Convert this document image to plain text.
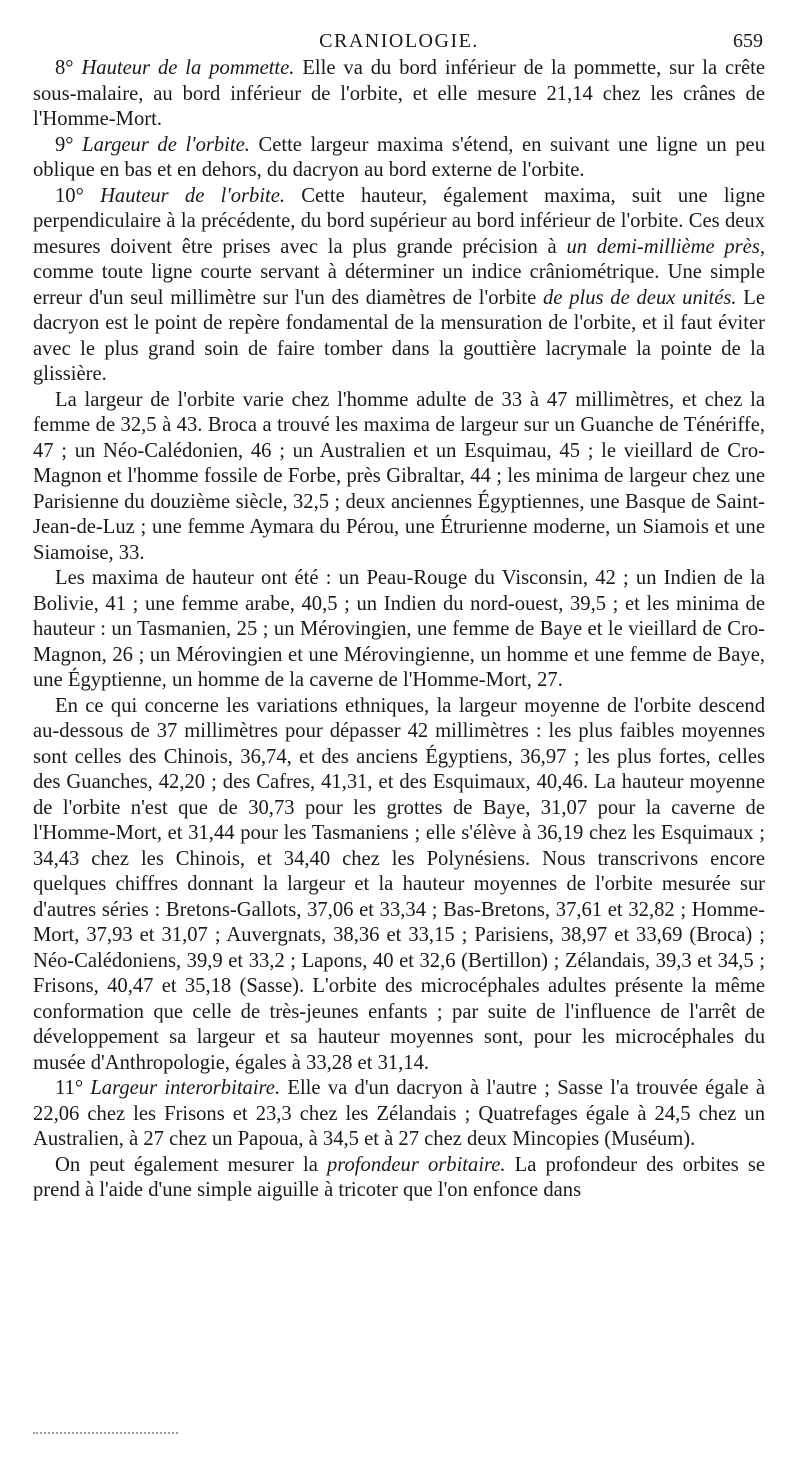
CRANIOLOGIE.	659

8° Hauteur de la pommette. Elle va du bord inférieur de la pommette, sur la crête sous-malaire, au bord inférieur de l'orbite, et elle mesure 21,14 chez les crânes de l'Homme-Mort.

9° Largeur de l'orbite. Cette largeur maxima s'étend, en suivant une ligne un peu oblique en bas et en dehors, du dacryon au bord externe de l'orbite.

10° Hauteur de l'orbite. Cette hauteur, également maxima, suit une ligne perpendiculaire à la précédente, du bord supérieur au bord inférieur de l'orbite. Ces deux mesures doivent être prises avec la plus grande précision à un demi-millième près, comme toute ligne courte servant à déterminer un indice crâniométrique. Une simple erreur d'un seul millimètre sur l'un des diamètres de l'orbite de plus de deux unités. Le dacryon est le point de repère fondamental de la mensuration de l'orbite, et il faut éviter avec le plus grand soin de faire tomber dans la gouttière lacrymale la pointe de la glissière.

La largeur de l'orbite varie chez l'homme adulte de 33 à 47 millimètres, et chez la femme de 32,5 à 43. Broca a trouvé les maxima de largeur sur un Guanche de Ténériffe, 47 ; un Néo-Calédonien, 46 ; un Australien et un Esquimau, 45 ; le vieillard de Cro-Magnon et l'homme fossile de Forbe, près Gibraltar, 44 ; les minima de largeur chez une Parisienne du douzième siècle, 32,5 ; deux anciennes Égyptiennes, une Basque de Saint-Jean-de-Luz ; une femme Aymara du Pérou, une Étrurienne moderne, un Siamois et une Siamoise, 33.

Les maxima de hauteur ont été : un Peau-Rouge du Visconsin, 42 ; un Indien de la Bolivie, 41 ; une femme arabe, 40,5 ; un Indien du nord-ouest, 39,5 ; et les minima de hauteur : un Tasmanien, 25 ; un Mérovingien, une femme de Baye et le vieillard de Cro-Magnon, 26 ; un Mérovingien et une Mérovingienne, un homme et une femme de Baye, une Égyptienne, un homme de la caverne de l'Homme-Mort, 27.

En ce qui concerne les variations ethniques, la largeur moyenne de l'orbite descend au-dessous de 37 millimètres pour dépasser 42 millimètres : les plus faibles moyennes sont celles des Chinois, 36,74, et des anciens Égyptiens, 36,97 ; les plus fortes, celles des Guanches, 42,20 ; des Cafres, 41,31, et des Esquimaux, 40,46. La hauteur moyenne de l'orbite n'est que de 30,73 pour les grottes de Baye, 31,07 pour la caverne de l'Homme-Mort, et 31,44 pour les Tasmaniens ; elle s'élève à 36,19 chez les Esquimaux ; 34,43 chez les Chinois, et 34,40 chez les Polynésiens. Nous transcrivons encore quelques chiffres donnant la largeur et la hauteur moyennes de l'orbite mesurée sur d'autres séries : Bretons-Gallots, 37,06 et 33,34 ; Bas-Bretons, 37,61 et 32,82 ; Homme-Mort, 37,93 et 31,07 ; Auvergnats, 38,36 et 33,15 ; Parisiens, 38,97 et 33,69 (Broca) ; Néo-Calédoniens, 39,9 et 33,2 ; Lapons, 40 et 32,6 (Bertillon) ; Zélandais, 39,3 et 34,5 ; Frisons, 40,47 et 35,18 (Sasse). L'orbite des microcéphales adultes présente la même conformation que celle de très-jeunes enfants ; par suite de l'influence de l'arrêt de développement sa largeur et sa hauteur moyennes sont, pour les microcéphales du musée d'Anthropologie, égales à 33,28 et 31,14.

11° Largeur interorbitaire. Elle va d'un dacryon à l'autre ; Sasse l'a trouvée égale à 22,06 chez les Frisons et 23,3 chez les Zélandais ; Quatrefages égale à 24,5 chez un Australien, à 27 chez un Papoua, à 34,5 et à 27 chez deux Mincopies (Muséum).

On peut également mesurer la profondeur orbitaire. La profondeur des orbites se prend à l'aide d'une simple aiguille à tricoter que l'on enfonce dans
